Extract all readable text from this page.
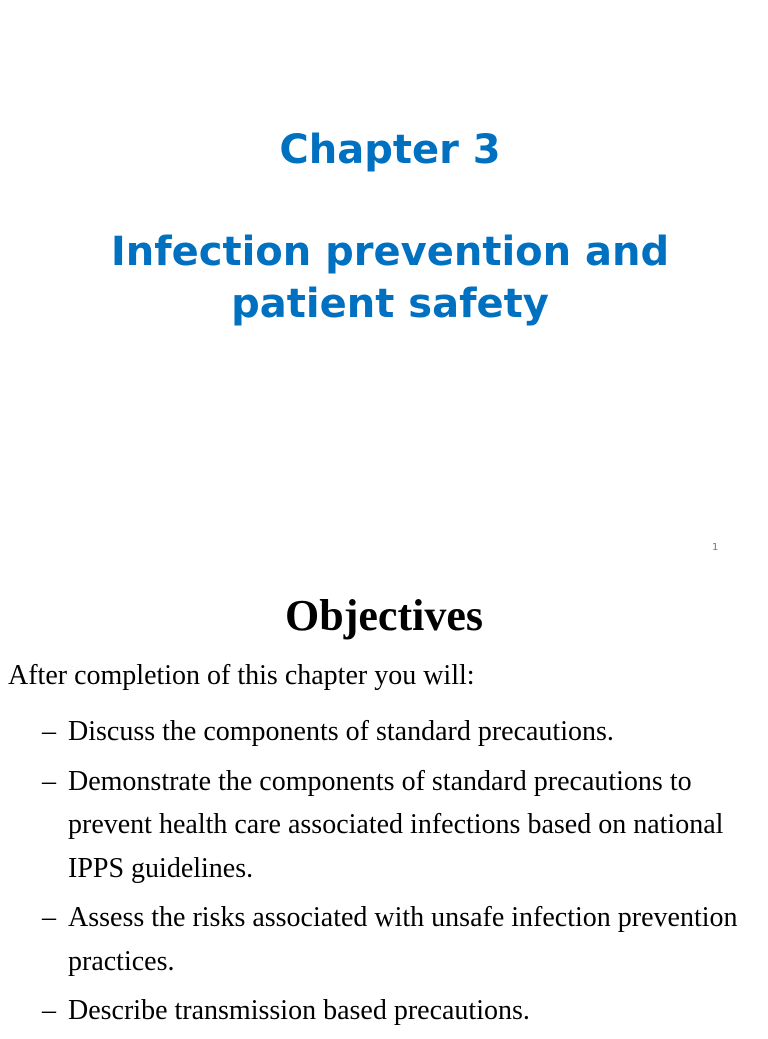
Chapter 3
Infection prevention and patient safety
1
Objectives
After completion of this chapter you will:
– Discuss the components of standard precautions.
– Demonstrate the components of standard precautions to prevent health care associated infections based on national IPPS guidelines.
– Assess the risks associated with unsafe infection prevention practices.
– Describe transmission based precautions.
